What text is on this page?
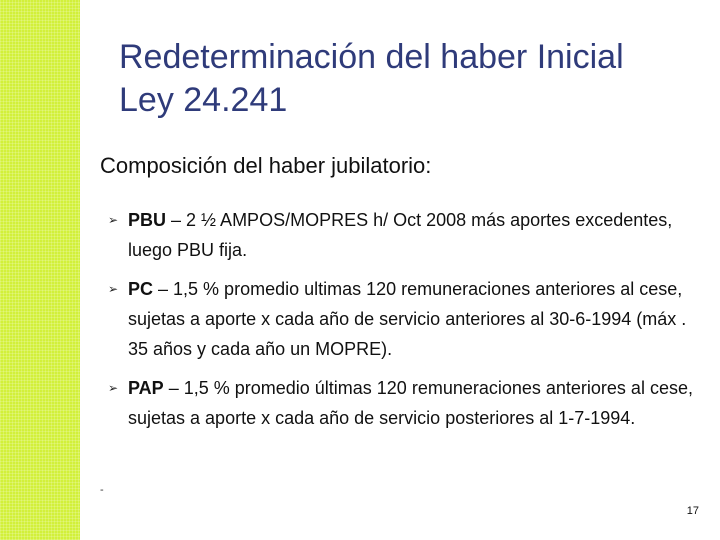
Redeterminación del haber Inicial
Ley 24.241
Composición del haber jubilatorio:
➢ PBU – 2 ½ AMPOS/MOPRES h/ Oct 2008 más aportes excedentes, luego PBU fija.
➢ PC – 1,5 % promedio ultimas 120 remuneraciones anteriores al cese, sujetas a aporte x cada año de servicio anteriores al 30-6-1994 (máx . 35 años y cada año un MOPRE).
➢ PAP – 1,5 % promedio últimas 120 remuneraciones anteriores al cese, sujetas a aporte x cada año de servicio posteriores al 1-7-1994.
-
17
